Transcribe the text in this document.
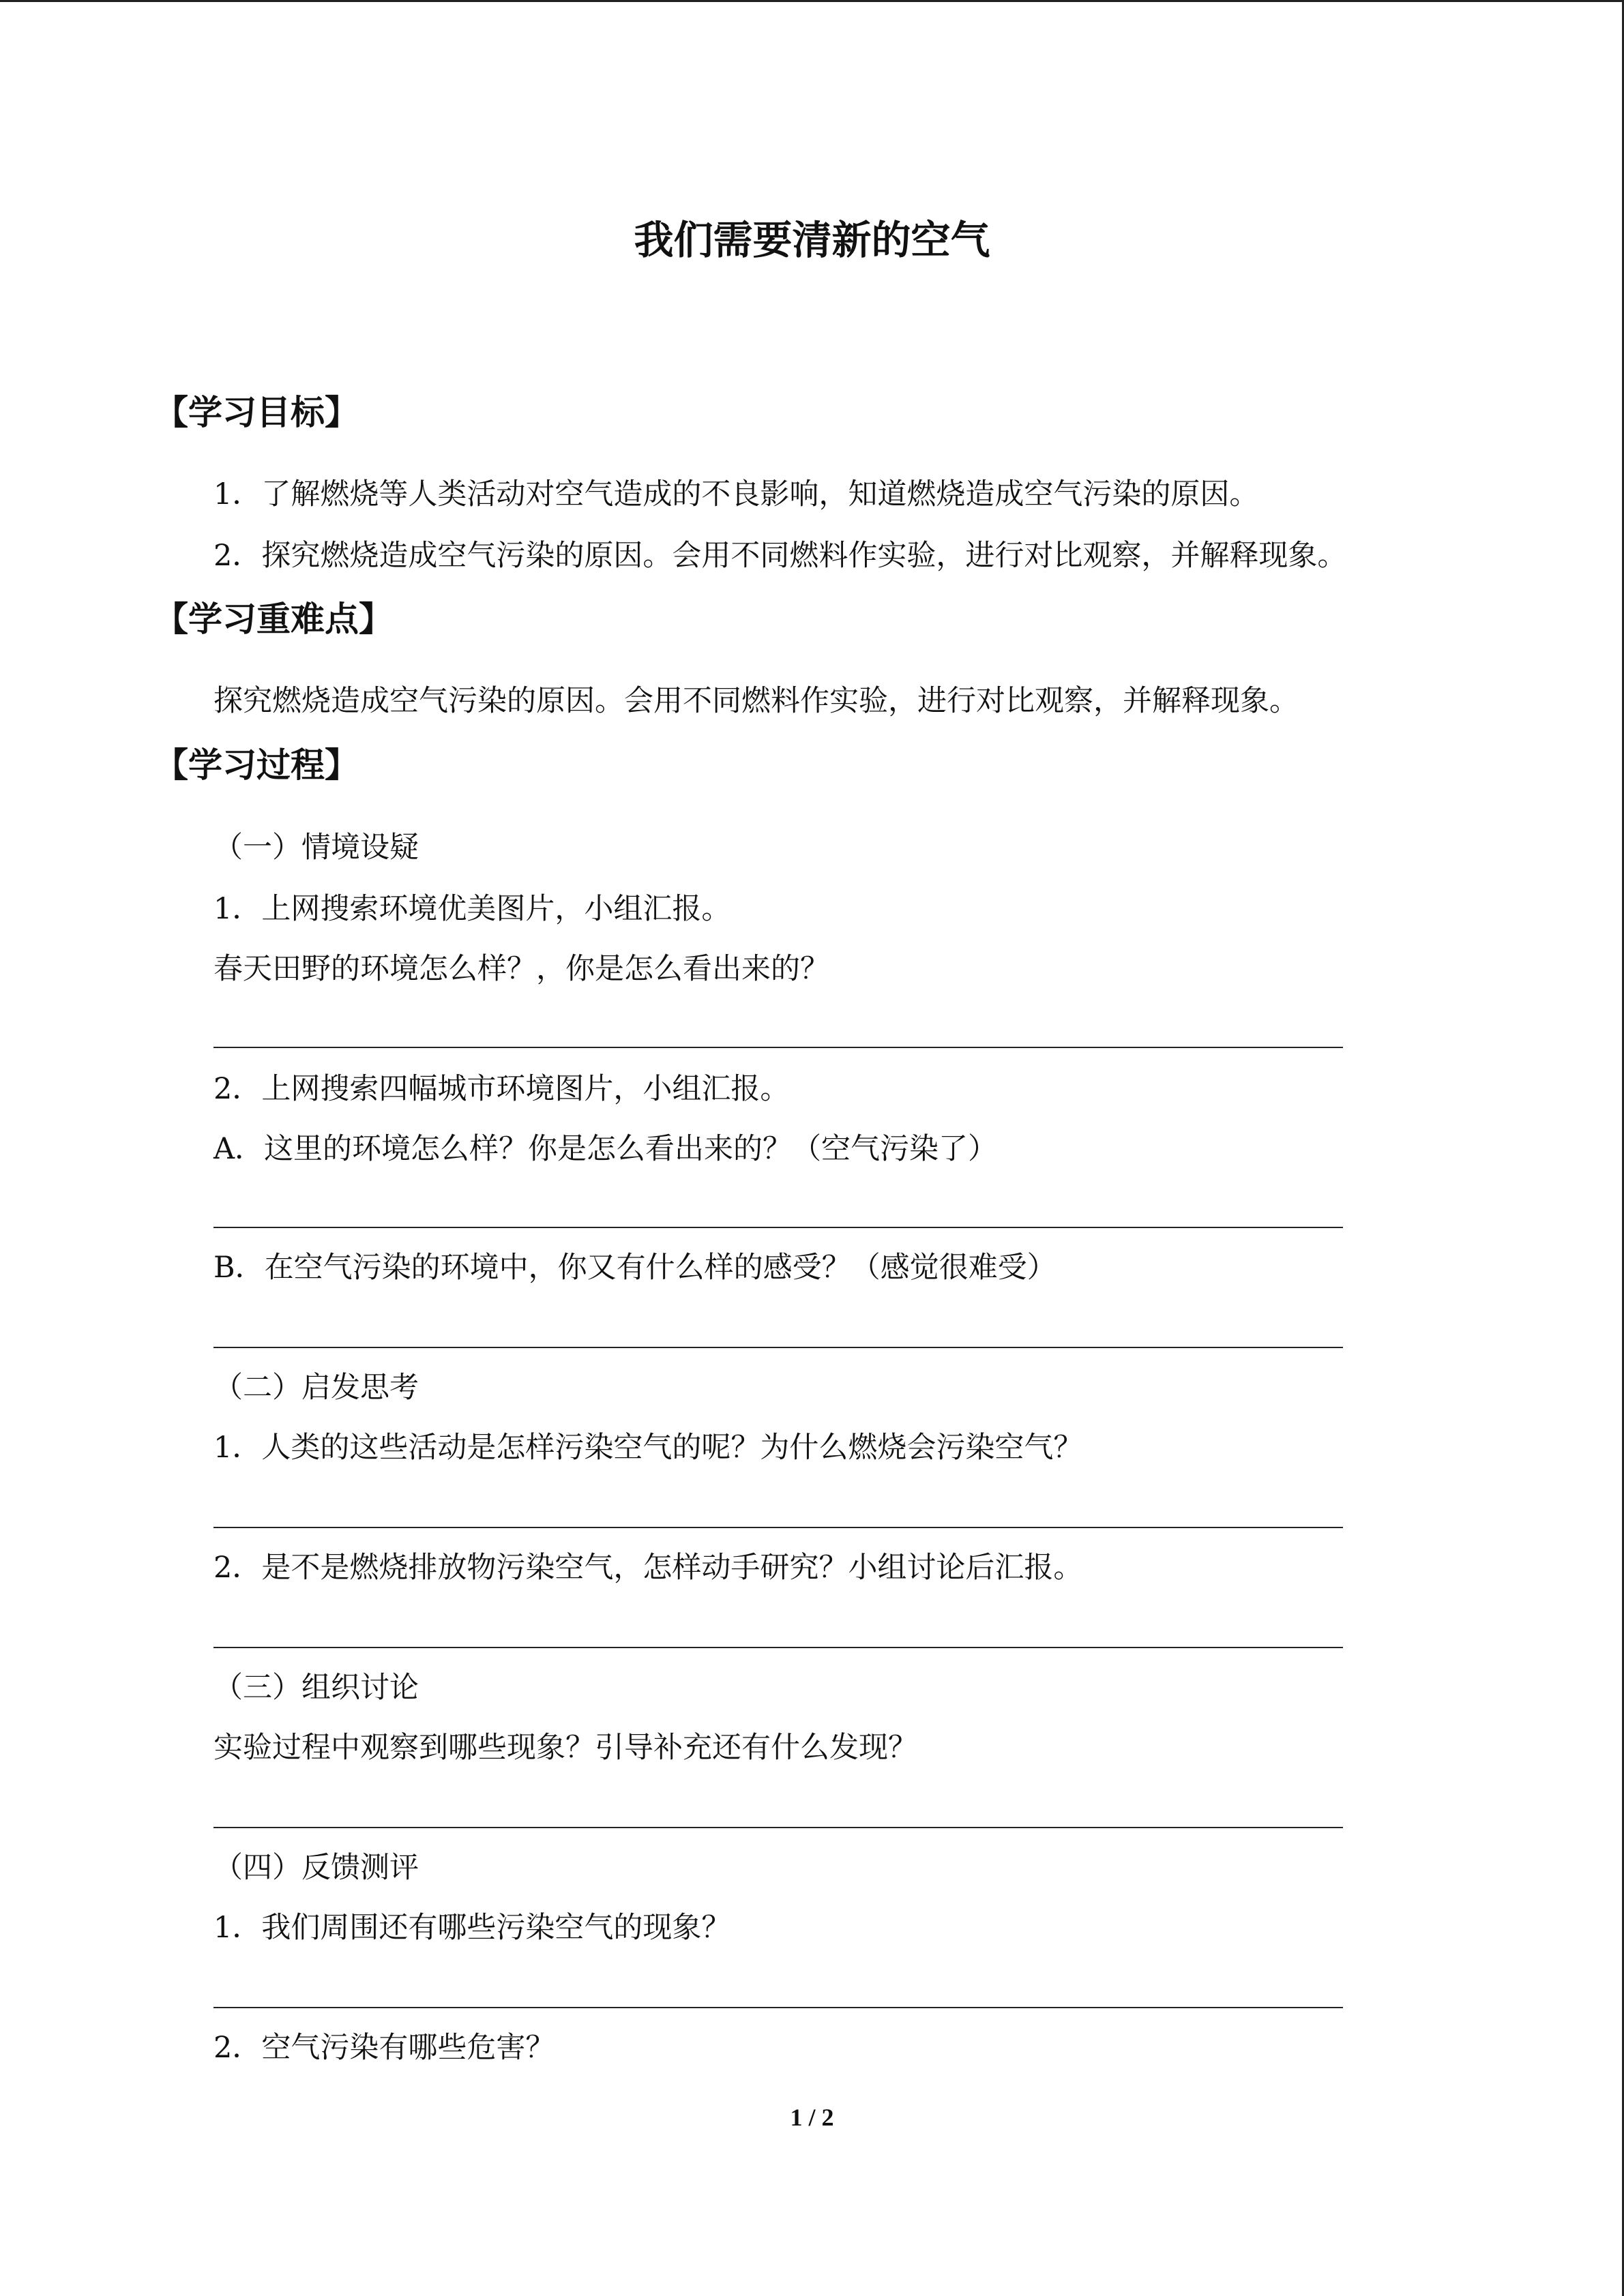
我们需要清新的空气
【学习目标】

1．了解燃烧等人类活动对空气造成的不良影响，知道燃烧造成空气污染的原因。

2．探究燃烧造成空气污染的原因。会用不同燃料作实验，进行对比观察，并解释现象。

【学习重难点】

探究燃烧造成空气污染的原因。会用不同燃料作实验，进行对比观察，并解释现象。

【学习过程】

（一）情境设疑

1．上网搜索环境优美图片，小组汇报。

春天田野的环境怎么样？，你是怎么看出来的？

2．上网搜索四幅城市环境图片，小组汇报。

A．这里的环境怎么样？你是怎么看出来的？（空气污染了）

B．在空气污染的环境中，你又有什么样的感受？（感觉很难受）

（二）启发思考

1．人类的这些活动是怎样污染空气的呢？为什么燃烧会污染空气？

2．是不是燃烧排放物污染空气，怎样动手研究？小组讨论后汇报。

（三）组织讨论

实验过程中观察到哪些现象？引导补充还有什么发现？

（四）反馈测评

1．我们周围还有哪些污染空气的现象？

2．空气污染有哪些危害？

1 / 2
